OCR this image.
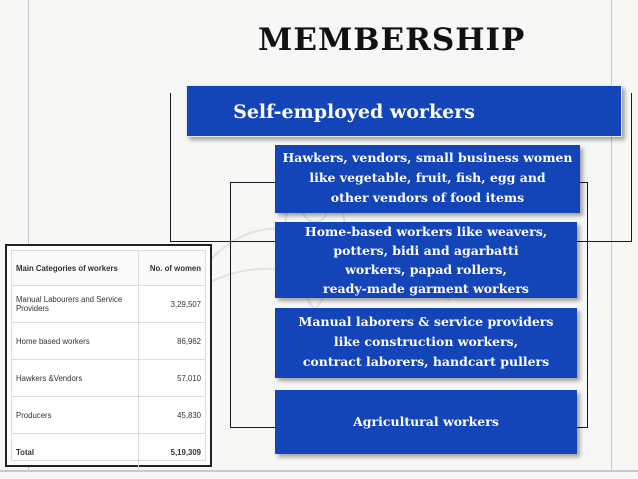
MEMBERSHIP
Self-employed workers
Hawkers, vendors, small business women
like vegetable, fruit, fish, egg and
other vendors of food items
Home-based workers like weavers,
potters, bidi and agarbatti
workers, papad rollers,
ready-made garment workers
Manual laborers & service providers
like construction workers,
contract laborers, handcart pullers
Agricultural workers
Main Categories of workers	No. of women
Manual Labourers and Service Providers	3,29,507
Home based workers	86,962
Hawkers &Vendors	57,010
Producers	45,830
Total	5,19,309
